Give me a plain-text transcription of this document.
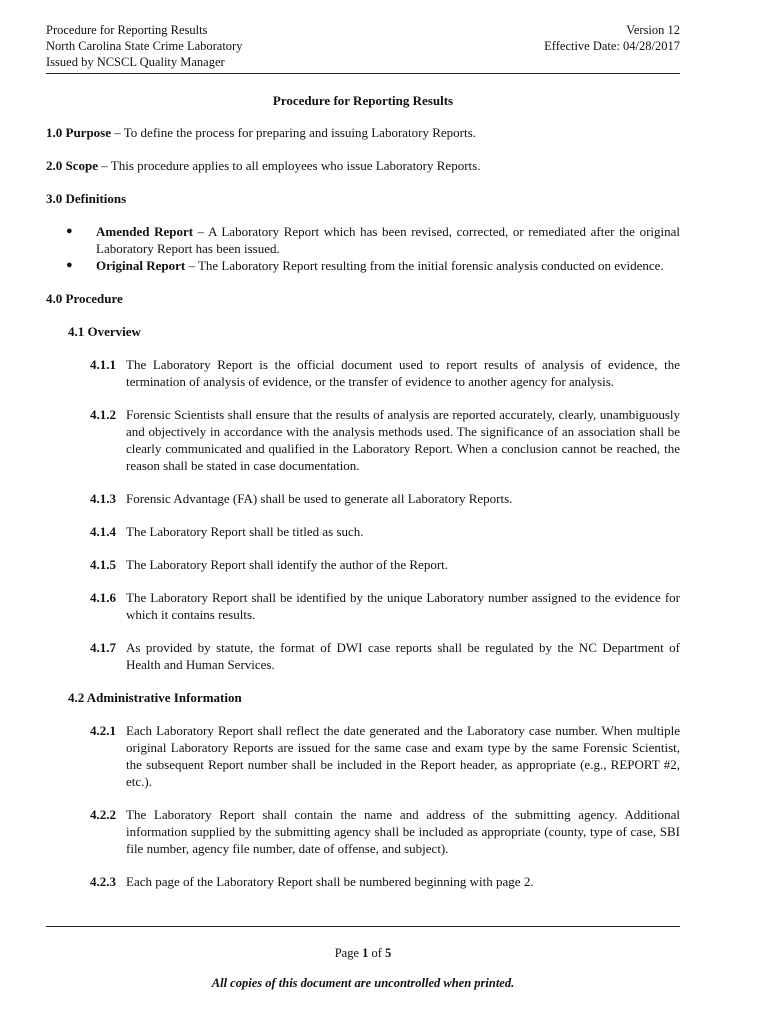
Procedure for Reporting Results
North Carolina State Crime Laboratory
Issued by NCSCL Quality Manager
Version 12
Effective Date: 04/28/2017
Procedure for Reporting Results
1.0 Purpose – To define the process for preparing and issuing Laboratory Reports.
2.0 Scope – This procedure applies to all employees who issue Laboratory Reports.
3.0 Definitions
● Amended Report – A Laboratory Report which has been revised, corrected, or remediated after the original Laboratory Report has been issued.
● Original Report – The Laboratory Report resulting from the initial forensic analysis conducted on evidence.
4.0 Procedure
4.1 Overview
4.1.1 The Laboratory Report is the official document used to report results of analysis of evidence, the termination of analysis of evidence, or the transfer of evidence to another agency for analysis.
4.1.2 Forensic Scientists shall ensure that the results of analysis are reported accurately, clearly, unambiguously and objectively in accordance with the analysis methods used. The significance of an association shall be clearly communicated and qualified in the Laboratory Report. When a conclusion cannot be reached, the reason shall be stated in case documentation.
4.1.3 Forensic Advantage (FA) shall be used to generate all Laboratory Reports.
4.1.4 The Laboratory Report shall be titled as such.
4.1.5 The Laboratory Report shall identify the author of the Report.
4.1.6 The Laboratory Report shall be identified by the unique Laboratory number assigned to the evidence for which it contains results.
4.1.7 As provided by statute, the format of DWI case reports shall be regulated by the NC Department of Health and Human Services.
4.2 Administrative Information
4.2.1 Each Laboratory Report shall reflect the date generated and the Laboratory case number. When multiple original Laboratory Reports are issued for the same case and exam type by the same Forensic Scientist, the subsequent Report number shall be included in the Report header, as appropriate (e.g., REPORT #2, etc.).
4.2.2 The Laboratory Report shall contain the name and address of the submitting agency. Additional information supplied by the submitting agency shall be included as appropriate (county, type of case, SBI file number, agency file number, date of offense, and subject).
4.2.3 Each page of the Laboratory Report shall be numbered beginning with page 2.
Page 1 of 5
All copies of this document are uncontrolled when printed.
